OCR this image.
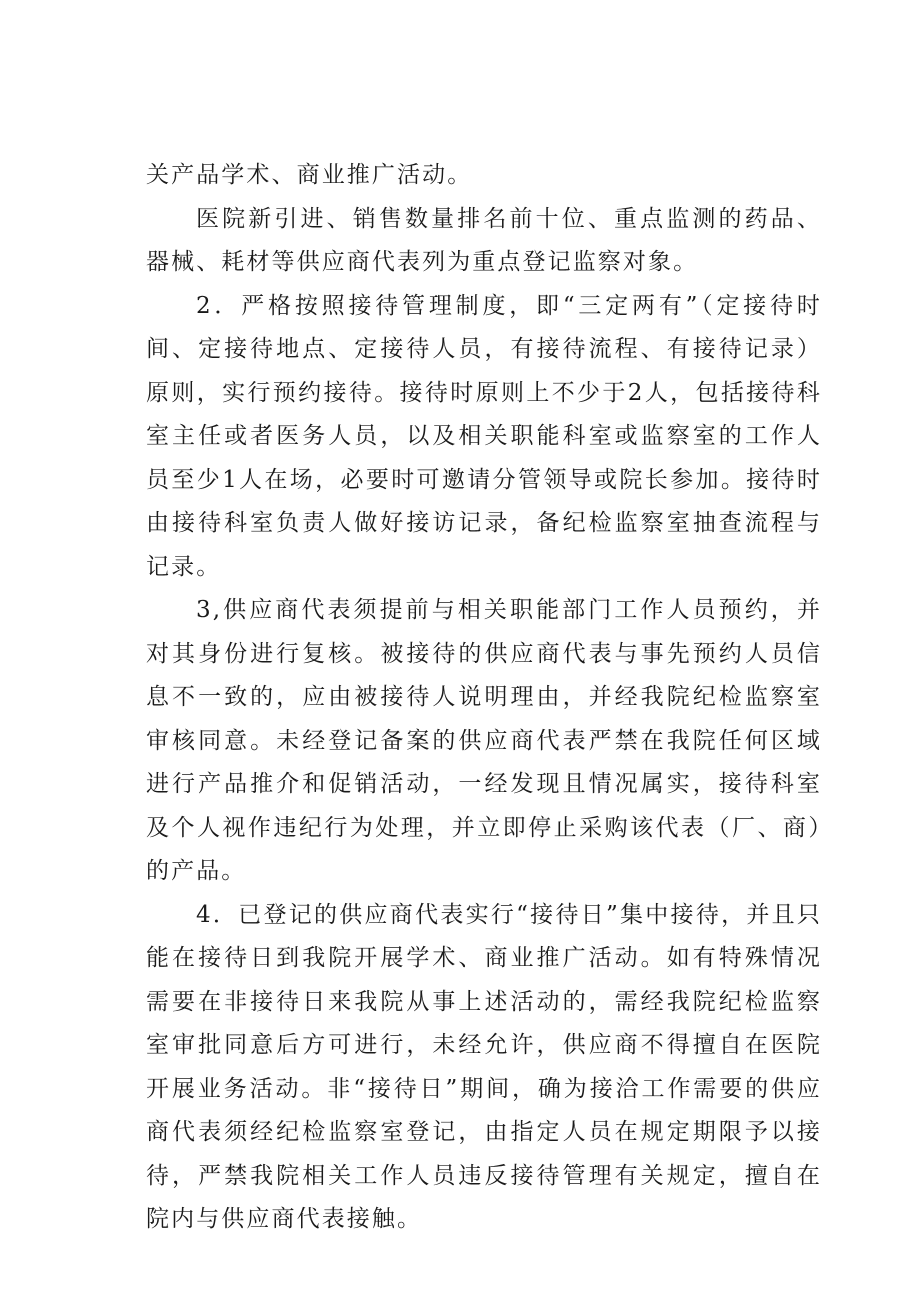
关产品学术、商业推广活动。

医院新引进、销售数量排名前十位、重点监测的药品、器械、耗材等供应商代表列为重点登记监察对象。

2．严格按照接待管理制度，即“三定两有”（定接待时间、定接待地点、定接待人员，有接待流程、有接待记录）原则，实行预约接待。接待时原则上不少于2人，包括接待科室主任或者医务人员，以及相关职能科室或监察室的工作人员至少1人在场，必要时可邀请分管领导或院长参加。接待时由接待科室负责人做好接访记录，备纪检监察室抽查流程与记录。

3,供应商代表须提前与相关职能部门工作人员预约，并对其身份进行复核。被接待的供应商代表与事先预约人员信息不一致的，应由被接待人说明理由，并经我院纪检监察室审核同意。未经登记备案的供应商代表严禁在我院任何区域进行产品推介和促销活动，一经发现且情况属实，接待科室及个人视作违纪行为处理，并立即停止采购该代表（厂、商）的产品。

4．已登记的供应商代表实行“接待日”集中接待，并且只能在接待日到我院开展学术、商业推广活动。如有特殊情况需要在非接待日来我院从事上述活动的，需经我院纪检监察室审批同意后方可进行，未经允许，供应商不得擅自在医院开展业务活动。非“接待日”期间，确为接洽工作需要的供应商代表须经纪检监察室登记，由指定人员在规定期限予以接待，严禁我院相关工作人员违反接待管理有关规定，擅自在院内与供应商代表接触。
